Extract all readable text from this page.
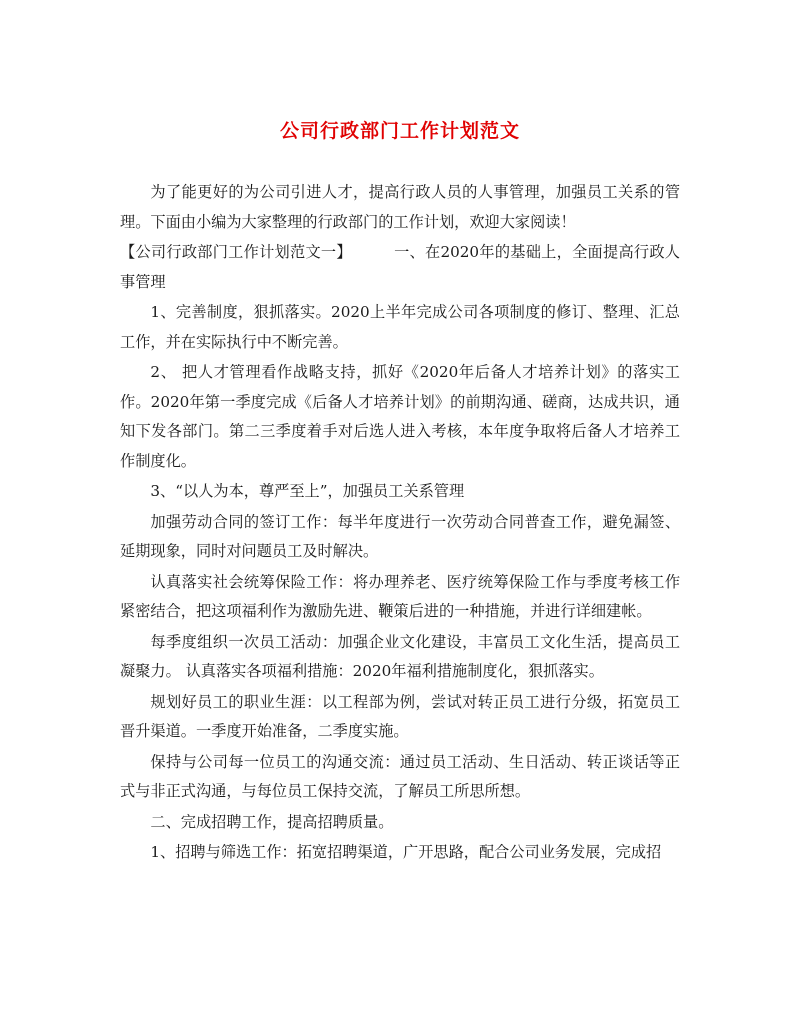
公司行政部门工作计划范文

为了能更好的为公司引进人才，提高行政人员的人事管理，加强员工关系的管理。下面由小编为大家整理的行政部门的工作计划，欢迎大家阅读！

【公司行政部门工作计划范文一】	一、在2020年的基础上，全面提高行政人事管理

1、完善制度，狠抓落实。2020上半年完成公司各项制度的修订、整理、汇总工作，并在实际执行中不断完善。

2、 把人才管理看作战略支持，抓好《2020年后备人才培养计划》的落实工作。2020年第一季度完成《后备人才培养计划》的前期沟通、磋商，达成共识，通知下发各部门。第二三季度着手对后选人进入考核，本年度争取将后备人才培养工作制度化。

3、“以人为本，尊严至上”，加强员工关系管理

加强劳动合同的签订工作：每半年度进行一次劳动合同普查工作，避免漏签、延期现象，同时对问题员工及时解决。

认真落实社会统筹保险工作：将办理养老、医疗统筹保险工作与季度考核工作紧密结合，把这项福利作为激励先进、鞭策后进的一种措施，并进行详细建帐。

每季度组织一次员工活动：加强企业文化建设，丰富员工文化生活，提高员工凝聚力。 认真落实各项福利措施：2020年福利措施制度化，狠抓落实。

规划好员工的职业生涯：以工程部为例，尝试对转正员工进行分级，拓宽员工晋升渠道。一季度开始准备，二季度实施。

保持与公司每一位员工的沟通交流：通过员工活动、生日活动、转正谈话等正式与非正式沟通，与每位员工保持交流，了解员工所思所想。

二、完成招聘工作，提高招聘质量。

1、招聘与筛选工作：拓宽招聘渠道，广开思路，配合公司业务发展，完成招
